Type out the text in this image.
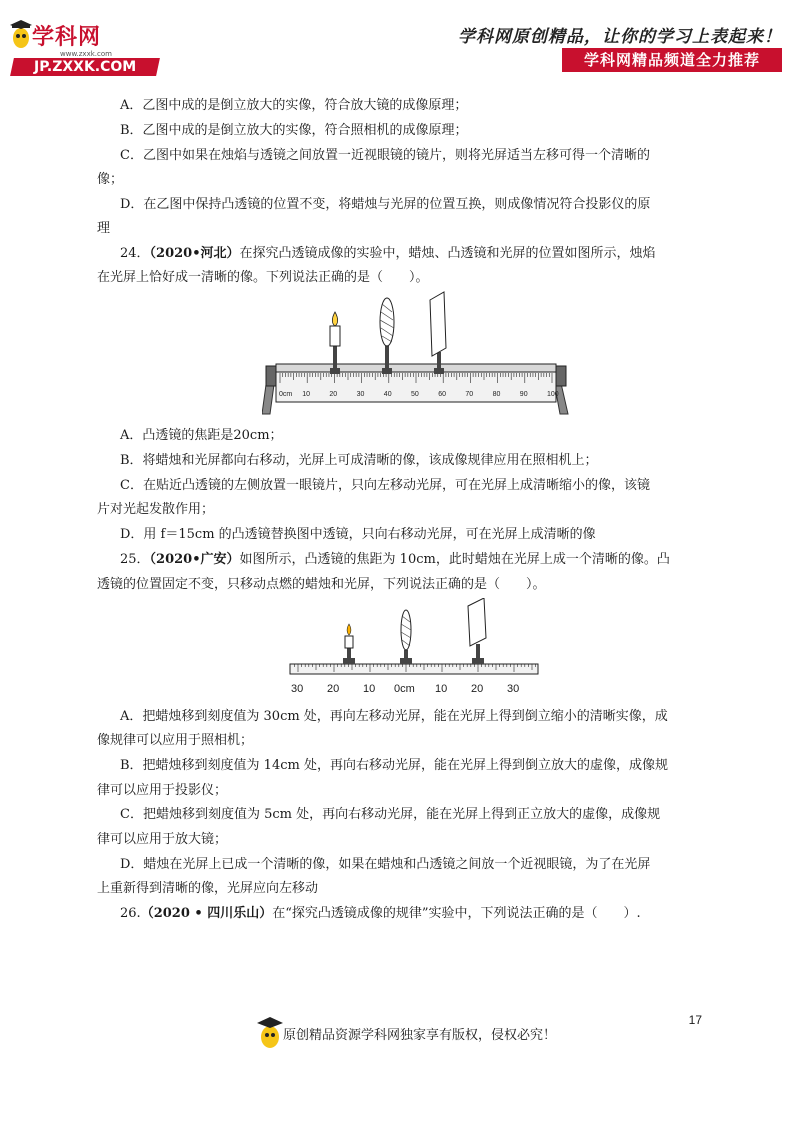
学科网
www.zxxk.com
JP.ZXXK.COM
学科网原创精品，让你的学习上表起来！
学科网精品频道全力推荐
A．乙图中成的是倒立放大的实像，符合放大镜的成像原理；
B．乙图中成的是倒立放大的实像，符合照相机的成像原理；
C．乙图中如果在烛焰与透镜之间放置一近视眼镜的镜片，则将光屏适当左移可得一个清晰的
像；
D．在乙图中保持凸透镜的位置不变，将蜡烛与光屏的位置互换，则成像情况符合投影仪的原
理
24．（2020•河北）在探究凸透镜成像的实验中，蜡烛、凸透镜和光屏的位置如图所示，烛焰
在光屏上恰好成一清晰的像。下列说法正确的是（　　）。
0cm 10	20	30	40	50	60	70	80	90	100
A．凸透镜的焦距是20cm；
B．将蜡烛和光屏都向右移动，光屏上可成清晰的像，该成像规律应用在照相机上；
C．在贴近凸透镜的左侧放置一眼镜片，只向左移动光屏，可在光屏上成清晰缩小的像，该镜
片对光起发散作用；
D．用 f＝15cm 的凸透镜替换图中透镜，只向右移动光屏，可在光屏上成清晰的像
25．（2020•广安）如图所示，凸透镜的焦距为 10cm，此时蜡烛在光屏上成一个清晰的像。凸
透镜的位置固定不变，只移动点燃的蜡烛和光屏，下列说法正确的是（　　）。
30 20 10 0cm 10 20 30
A．把蜡烛移到刻度值为 30cm 处，再向左移动光屏，能在光屏上得到倒立缩小的清晰实像，成
像规律可以应用于照相机；
B．把蜡烛移到刻度值为 14cm 处，再向右移动光屏，能在光屏上得到倒立放大的虚像，成像规
律可以应用于投影仪；
C．把蜡烛移到刻度值为 5cm 处，再向右移动光屏，能在光屏上得到正立放大的虚像，成像规
律可以应用于放大镜；
D．蜡烛在光屏上已成一个清晰的像，如果在蜡烛和凸透镜之间放一个近视眼镜，为了在光屏
上重新得到清晰的像，光屏应向左移动
26.（2020 • 四川乐山）在“探究凸透镜成像的规律”实验中，下列说法正确的是（　　）.
17
原创精品资源学科网独家享有版权，侵权必究！
